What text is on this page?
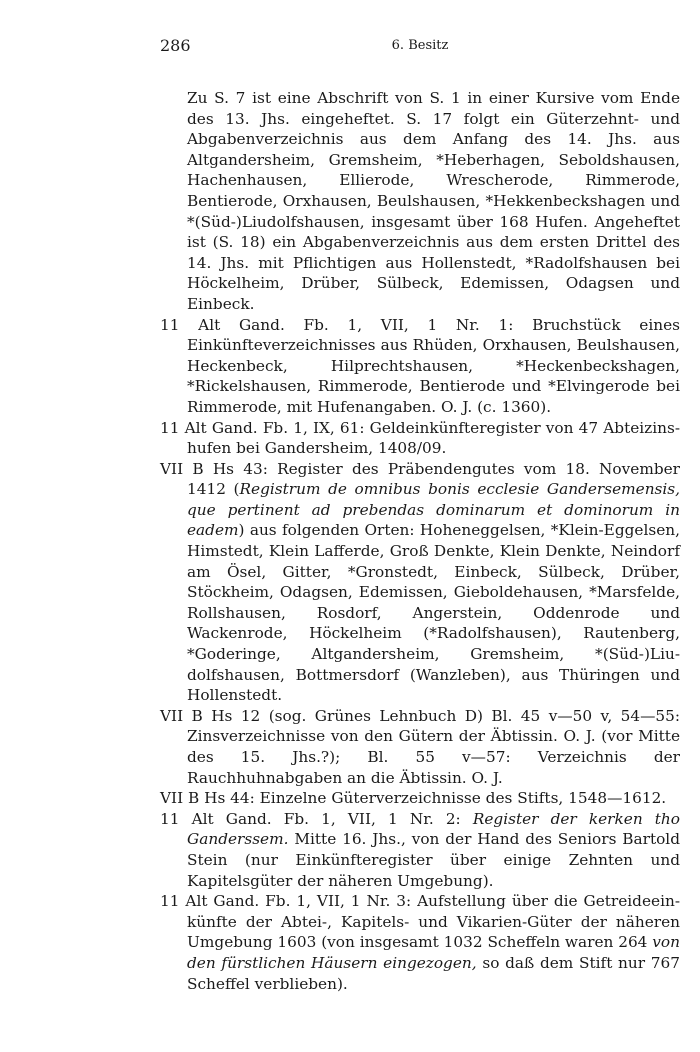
286	6. Besitz

Zu S. 7 ist eine Abschrift von S. 1 in einer Kursive vom Ende des 13. Jhs. eingeheftet. S. 17 folgt ein Güterzehnt- und Abgabenverzeichnis aus dem Anfang des 14. Jhs. aus Altgandersheim, Gremsheim, *Heberhagen, Seboldshausen, Hachenhausen, Ellierode, Wrescherode, Rimmerode, Bentierode, Orxhausen, Beulshausen, *Hekkenbeckshagen und *(Süd-)Liudolfshausen, insgesamt über 168 Hufen. Angeheftet ist (S. 18) ein Abgabenverzeichnis aus dem ersten Drittel des 14. Jhs. mit Pflichtigen aus Hollenstedt, *Radolfshausen bei Höckelheim, Drüber, Sülbeck, Edemissen, Odagsen und Einbeck.

11 Alt Gand. Fb. 1, VII, 1 Nr. 1: Bruchstück eines Einkünfteverzeichnisses aus Rhüden, Orxhausen, Beulshausen, Heckenbeck, Hilprechtshausen, *Heckenbeckshagen, *Rickelshausen, Rimmerode, Bentierode und *Elvingerode bei Rimmerode, mit Hufenangaben. O. J. (c. 1360).

11 Alt Gand. Fb. 1, IX, 61: Geldeinkünfteregister von 47 Abteizinshufen bei Gandersheim, 1408/09.

VII B Hs 43: Register des Präbendengutes vom 18. November 1412 (Registrum de omnibus bonis ecclesie Gandersemensis, que pertinent ad prebendas dominarum et dominorum in eadem) aus folgenden Orten: Hoheneggelsen, *Klein-Eggelsen, Himstedt, Klein Lafferde, Groß Denkte, Klein Denkte, Neindorf am Ösel, Gitter, *Gronstedt, Einbeck, Sülbeck, Drüber, Stöckheim, Odagsen, Edemissen, Gieboldehausen, *Marsfelde, Rollshausen, Rosdorf, Angerstein, Oddenrode und Wackenrode, Höckelheim (*Radolfshausen), Rautenberg, *Goderinge, Altgandersheim, Gremsheim, *(Süd-)Liudolfshausen, Bottmersdorf (Wanzleben), aus Thüringen und Hollenstedt.

VII B Hs 12 (sog. Grünes Lehnbuch D) Bl. 45 v—50 v, 54—55: Zinsverzeichnisse von den Gütern der Äbtissin. O. J. (vor Mitte des 15. Jhs.?); Bl. 55 v—57: Verzeichnis der Rauchhuhnabgaben an die Äbtissin. O. J.

VII B Hs 44: Einzelne Güterverzeichnisse des Stifts, 1548—1612.

11 Alt Gand. Fb. 1, VII, 1 Nr. 2: Register der kerken tho Ganderssem. Mitte 16. Jhs., von der Hand des Seniors Bartold Stein (nur Einkünfteregister über einige Zehnten und Kapitelsgüter der näheren Umgebung).

11 Alt Gand. Fb. 1, VII, 1 Nr. 3: Aufstellung über die Getreideeinkünfte der Abtei-, Kapitels- und Vikarien-Güter der näheren Umgebung 1603 (von insgesamt 1032 Scheffeln waren 264 von den fürstlichen Häusern eingezogen, so daß dem Stift nur 767 Scheffel verblieben).
